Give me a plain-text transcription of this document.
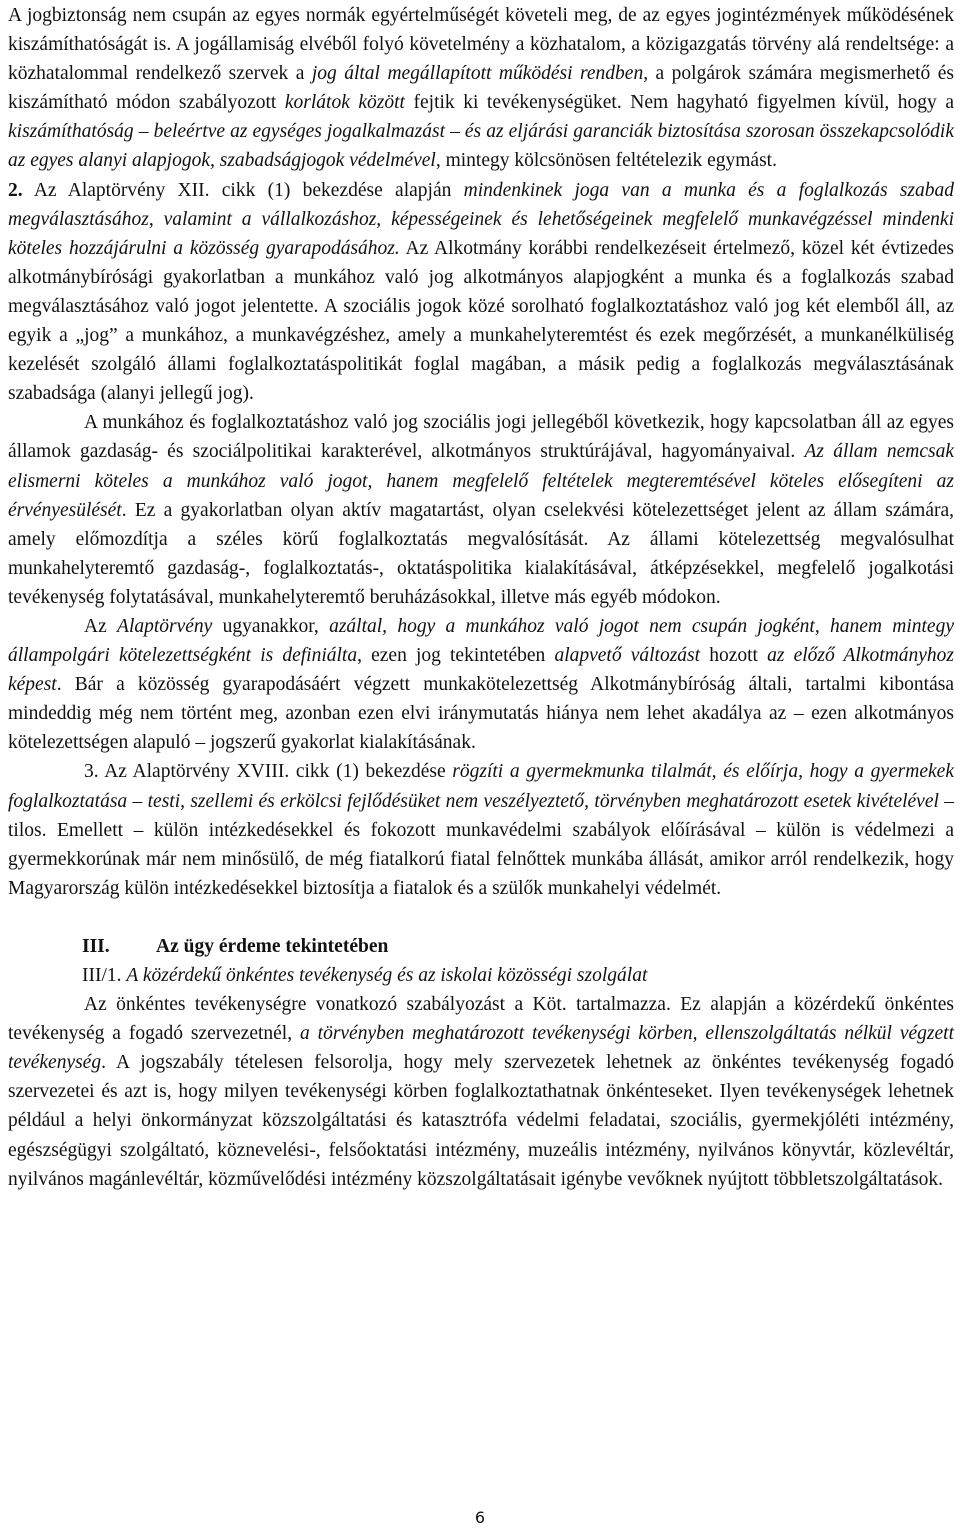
A jogbiztonság nem csupán az egyes normák egyértelműségét követeli meg, de az egyes jogintézmények működésének kiszámíthatóságát is. A jogállamiság elvéből folyó követelmény a közhatalom, a közigazgatás törvény alá rendeltsége: a közhatalommal rendelkező szervek a jog által megállapított működési rendben, a polgárok számára megismerhető és kiszámítható módon szabályozott korlátok között fejtik ki tevékenységüket. Nem hagyható figyelmen kívül, hogy a kiszámíthatóság – beleértve az egységes jogalkalmazást – és az eljárási garanciák biztosítása szorosan összekapcsolódik az egyes alanyi alapjogok, szabadságjogok védelmével, mintegy kölcsönösen feltételezik egymást.

2. Az Alaptörvény XII. cikk (1) bekezdése alapján mindenkinek joga van a munka és a foglalkozás szabad megválasztásához, valamint a vállalkozáshoz, képességeinek és lehetőségeinek megfelelő munkavégzéssel mindenki köteles hozzájárulni a közösség gyarapodásához. Az Alkotmány korábbi rendelkezéseit értelmező, közel két évtizedes alkotmánybírósági gyakorlatban a munkához való jog alkotmányos alapjogként a munka és a foglalkozás szabad megválasztásához való jogot jelentette. A szociális jogok közé sorolható foglalkoztatáshoz való jog két elemből áll, az egyik a „jog” a munkához, a munkavégzéshez, amely a munkahelyteremtést és ezek megőrzését, a munkanélküliség kezelését szolgáló állami foglalkoztatáspolitikát foglal magában, a másik pedig a foglalkozás megválasztásának szabadsága (alanyi jellegű jog).

A munkához és foglalkoztatáshoz való jog szociális jogi jellegéből következik, hogy kapcsolatban áll az egyes államok gazdaság- és szociálpolitikai karakterével, alkotmányos struktúrájával, hagyományaival. Az állam nemcsak elismerni köteles a munkához való jogot, hanem megfelelő feltételek megteremtésével köteles elősegíteni az érvényesülését. Ez a gyakorlatban olyan aktív magatartást, olyan cselekvési kötelezettséget jelent az állam számára, amely előmozdítja a széles körű foglalkoztatás megvalósítását. Az állami kötelezettség megvalósulhat munkahelyteremtő gazdaság-, foglalkoztatás-, oktatáspolitika kialakításával, átképzésekkel, megfelelő jogalkotási tevékenység folytatásával, munkahelyteremtő beruházásokkal, illetve más egyéb módokon.

Az Alaptörvény ugyanakkor, azáltal, hogy a munkához való jogot nem csupán jogként, hanem mintegy állampolgári kötelezettségként is definiálta, ezen jog tekintetében alapvető változást hozott az előző Alkotmányhoz képest. Bár a közösség gyarapodásáért végzett munkakötelezettség Alkotmánybíróság általi, tartalmi kibontása mindeddig még nem történt meg, azonban ezen elvi iránymutatás hiánya nem lehet akadálya az – ezen alkotmányos kötelezettségen alapuló – jogszerű gyakorlat kialakításának.

3. Az Alaptörvény XVIII. cikk (1) bekezdése rögzíti a gyermekmunka tilalmát, és előírja, hogy a gyermekek foglalkoztatása – testi, szellemi és erkölcsi fejlődésüket nem veszélyeztető, törvényben meghatározott esetek kivételével – tilos. Emellett – külön intézkedésekkel és fokozott munkavédelmi szabályok előírásával – külön is védelmezi a gyermekkorúnak már nem minősülő, de még fiatalkorú fiatal felnőttek munkába állását, amikor arról rendelkezik, hogy Magyarország külön intézkedésekkel biztosítja a fiatalok és a szülők munkahelyi védelmét.

III. Az ügy érdeme tekintetében

III/1. A közérdekű önkéntes tevékenység és az iskolai közösségi szolgálat

Az önkéntes tevékenységre vonatkozó szabályozást a Köt. tartalmazza. Ez alapján a közérdekű önkéntes tevékenység a fogadó szervezetnél, a törvényben meghatározott tevékenységi körben, ellenszolgáltatás nélkül végzett tevékenység. A jogszabály tételesen felsorolja, hogy mely szervezetek lehetnek az önkéntes tevékenység fogadó szervezetei és azt is, hogy milyen tevékenységi körben foglalkoztathatnak önkénteseket. Ilyen tevékenységek lehetnek például a helyi önkormányzat közszolgáltatási és katasztrófa védelmi feladatai, szociális, gyermekjóléti intézmény, egészségügyi szolgáltató, köznevelési-, felsőoktatási intézmény, muzeális intézmény, nyilvános könyvtár, közlevéltár, nyilvános magánlevéltár, közművelődési intézmény közszolgáltatásait igénybe vevőknek nyújtott többletszolgáltatások.

6
